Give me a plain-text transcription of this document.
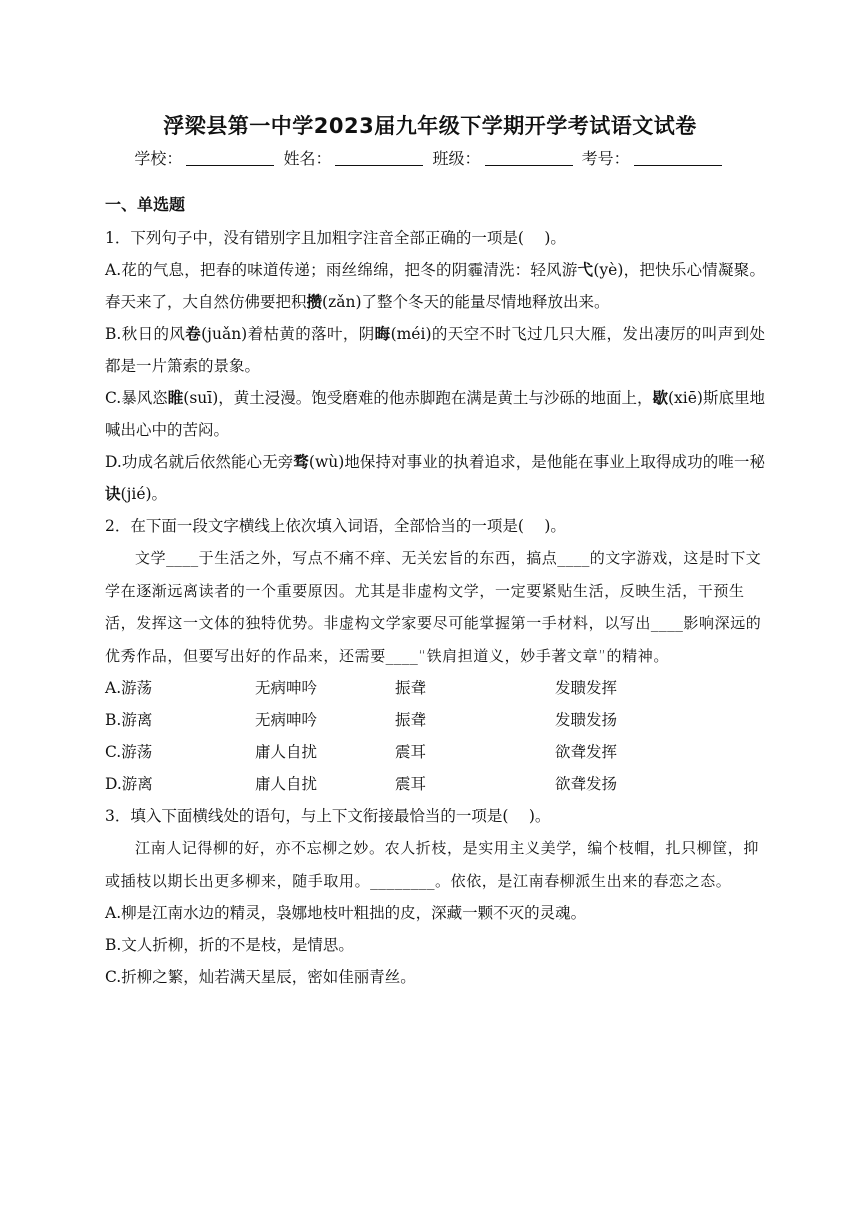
浮梁县第一中学2023届九年级下学期开学考试语文试卷
学校：	姓名：	班级：	考号：
一、单选题

1．下列句子中，没有错别字且加粗字注音全部正确的一项是(　 )。

A.花的气息，把春的味道传递；雨丝绵绵，把冬的阴霾清洗：轻风游弋(yè)，把快乐心情凝聚。春天来了，大自然仿佛要把积攒(zǎn)了整个冬天的能量尽情地释放出来。

B.秋日的风卷(juǎn)着枯黄的落叶，阴晦(méi)的天空不时飞过几只大雁，发出凄厉的叫声到处都是一片箫索的景象。

C.暴风恣睢(suī)，黄土浸漫。饱受磨难的他赤脚跑在满是黄土与沙砾的地面上，歇(xiē)斯底里地喊出心中的苦闷。

D.功成名就后依然能心无旁骛(wù)地保持对事业的执着追求，是他能在事业上取得成功的唯一秘诀(jié)。

2．在下面一段文字横线上依次填入词语，全部恰当的一项是(　 )。

文学____于生活之外，写点不痛不痒、无关宏旨的东西，搞点____的文字游戏，这是时下文学在逐渐远离读者的一个重要原因。尤其是非虚构文学，一定要紧贴生活，反映生活，干预生活，发挥这一文体的独特优势。非虚构文学家要尽可能掌握第一手材料，以写出____影响深远的优秀作品，但要写出好的作品来，还需要____“铁肩担道义，妙手著文章”的精神。

A.游荡	无病呻吟	振聋	发聩发挥
B.游离	无病呻吟	振聋	发聩发扬
C.游荡	庸人自扰	震耳	欲聋发挥
D.游离	庸人自扰	震耳	欲聋发扬

3．填入下面横线处的语句，与上下文衔接最恰当的一项是(　 )。

江南人记得柳的好，亦不忘柳之妙。农人折枝，是实用主义美学，编个枝帽，扎只柳筐，抑或插枝以期长出更多柳来，随手取用。________。依依，是江南春柳派生出来的春恋之态。

A.柳是江南水边的精灵，袅娜地枝叶粗拙的皮，深藏一颗不灭的灵魂。

B.文人折柳，折的不是枝，是情思。

C.折柳之繁，灿若满天星辰，密如佳丽青丝。
